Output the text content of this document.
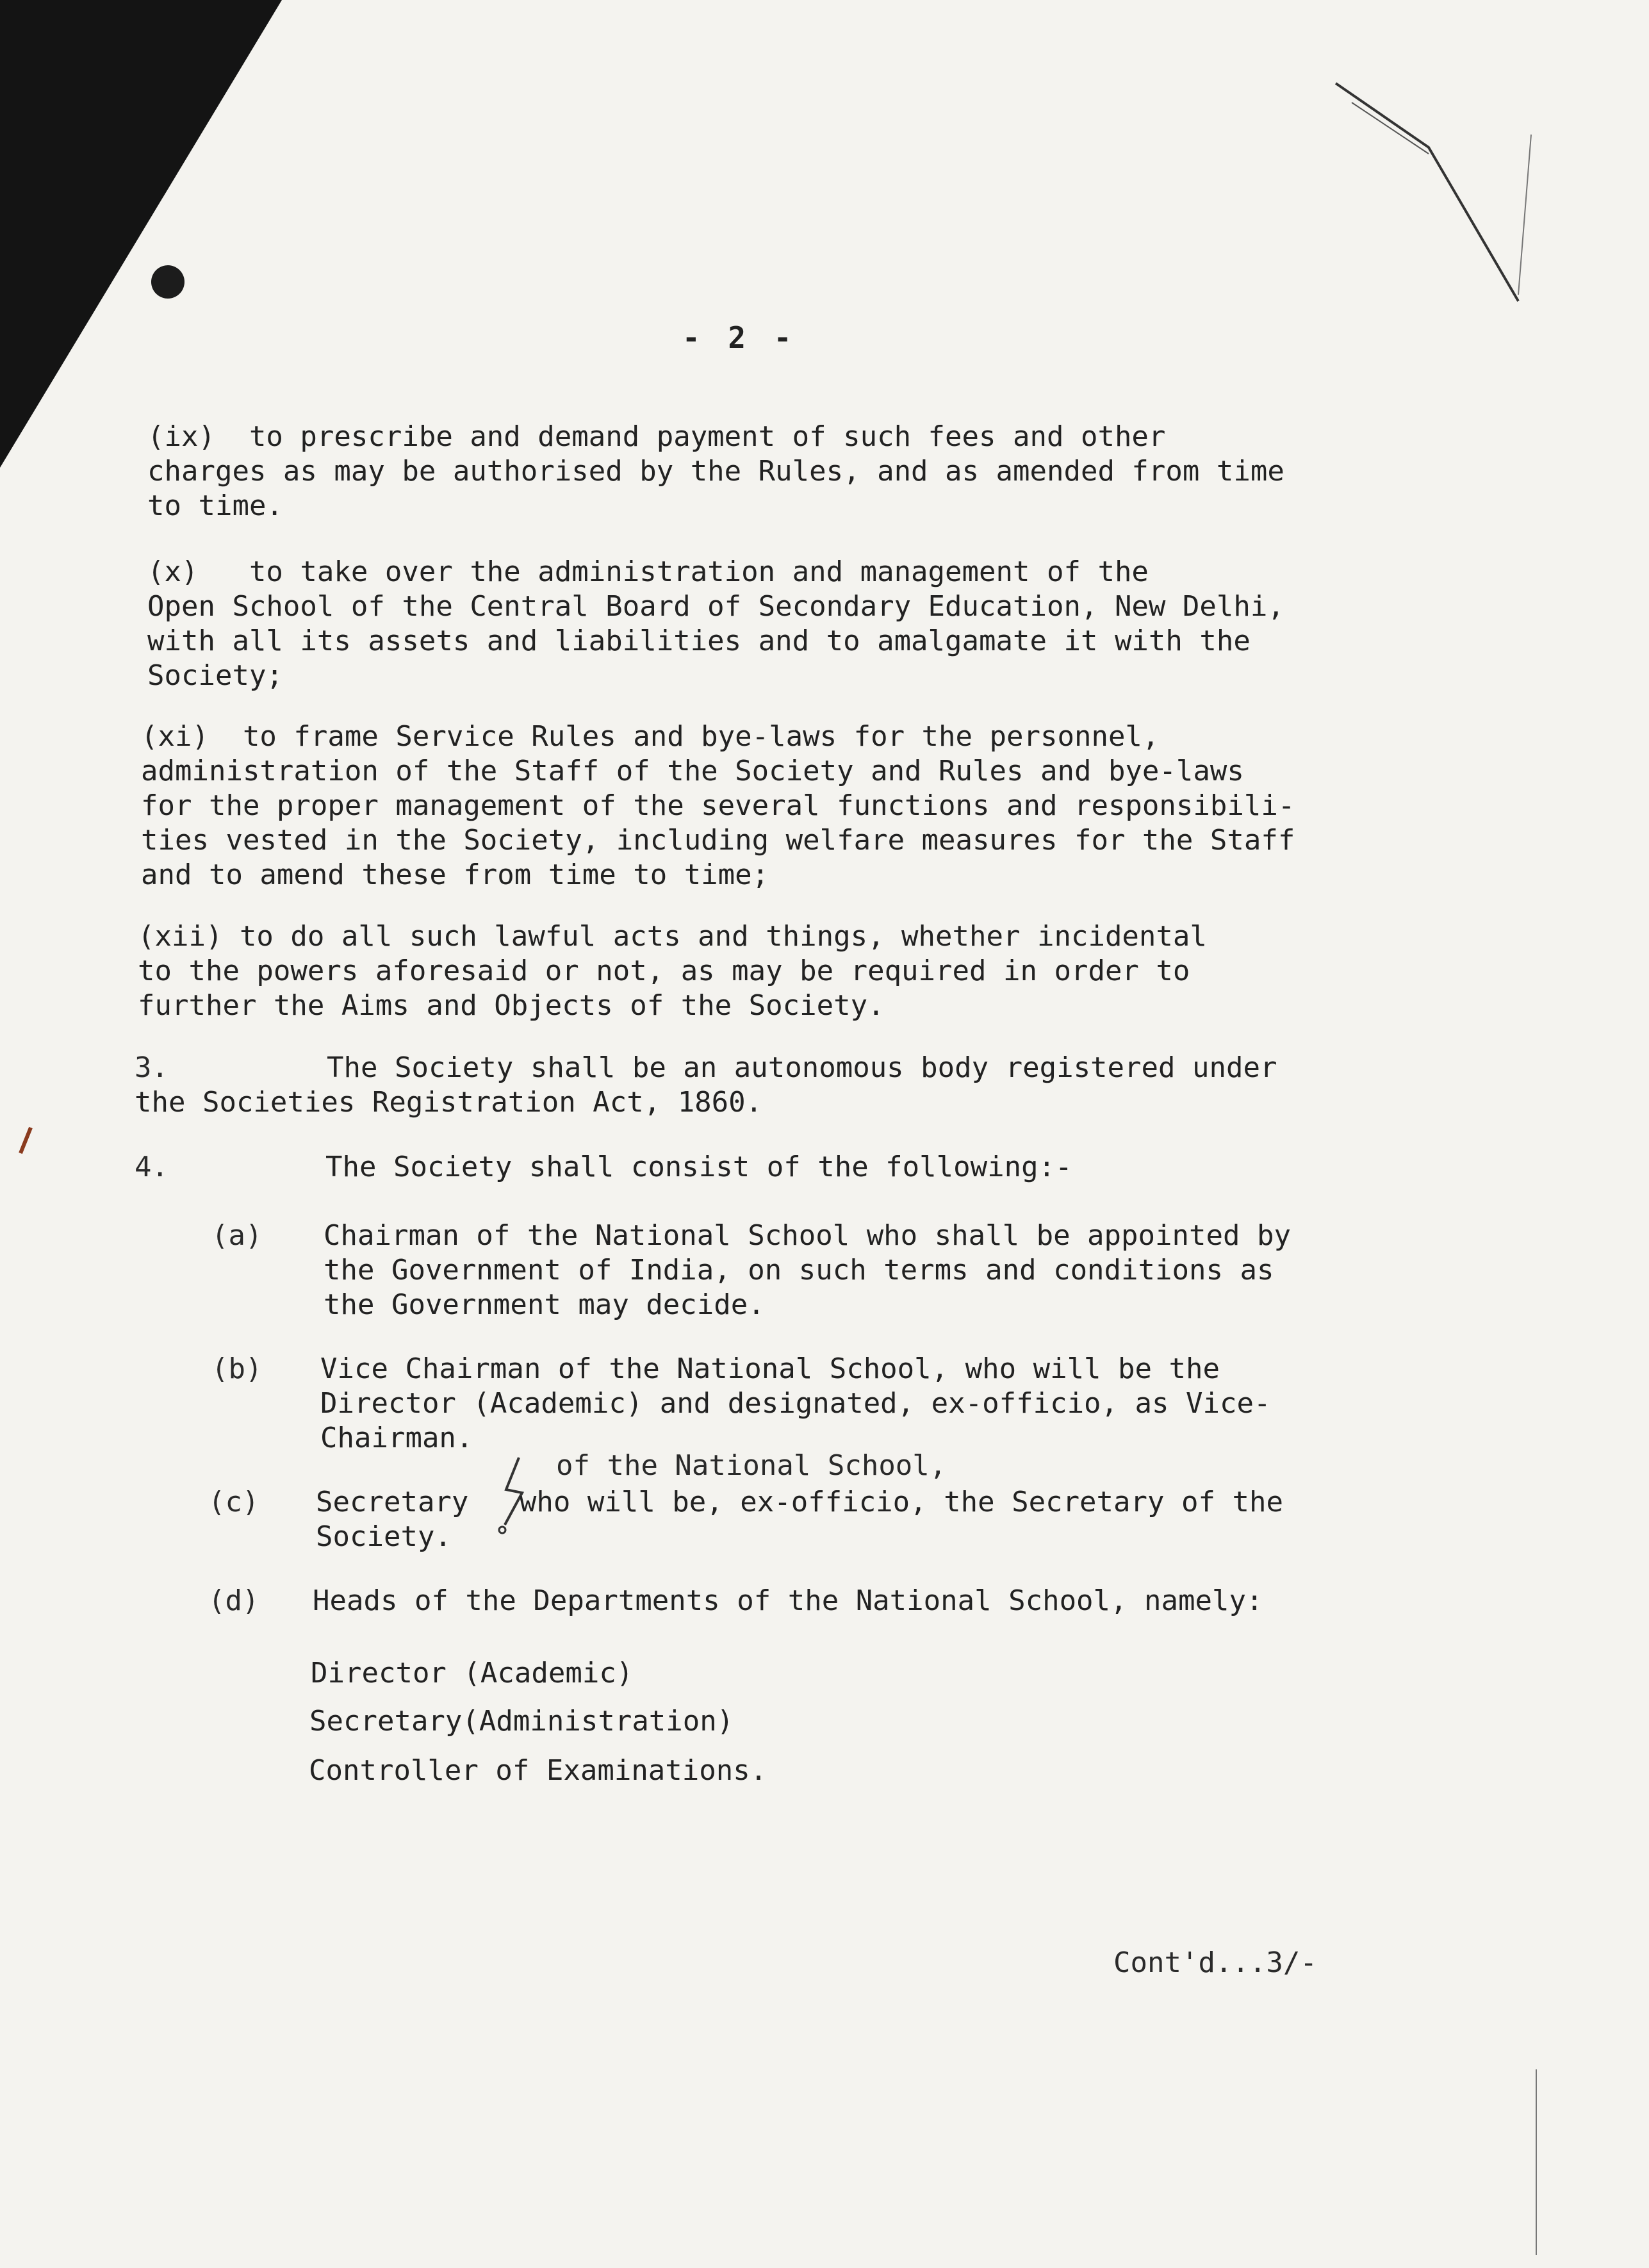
- 2 -
(ix)  to prescribe and demand payment of such fees and other
charges as may be authorised by the Rules, and as amended from time
to time.
(x)   to take over the administration and management of the
Open School of the Central Board of Secondary Education, New Delhi,
with all its assets and liabilities and to amalgamate it with the
Society;
(xi)  to frame Service Rules and bye-laws for the personnel,
administration of the Staff of the Society and Rules and bye-laws
for the proper management of the several functions and responsibili-
ties vested in the Society, including welfare measures for the Staff
and to amend these from time to time;
(xii) to do all such lawful acts and things, whether incidental
to the powers aforesaid or not, as may be required in order to
further the Aims and Objects of the Society.
3.	The Society shall be an autonomous body registered under
the Societies Registration Act, 1860.
4.	The Society shall consist of the following:-
(a) Chairman of the National School who shall be appointed by
the Government of India, on such terms and conditions as
the Government may decide.
(b) Vice Chairman of the National School, who will be the
Director (Academic) and designated, ex-officio, as Vice-
Chairman.
of the National School,
(c) Secretary   who will be, ex-officio, the Secretary of the
Society.
(d) Heads of the Departments of the National School, namely:
Director (Academic)
Secretary(Administration)
Controller of Examinations.
Cont'd...3/-
